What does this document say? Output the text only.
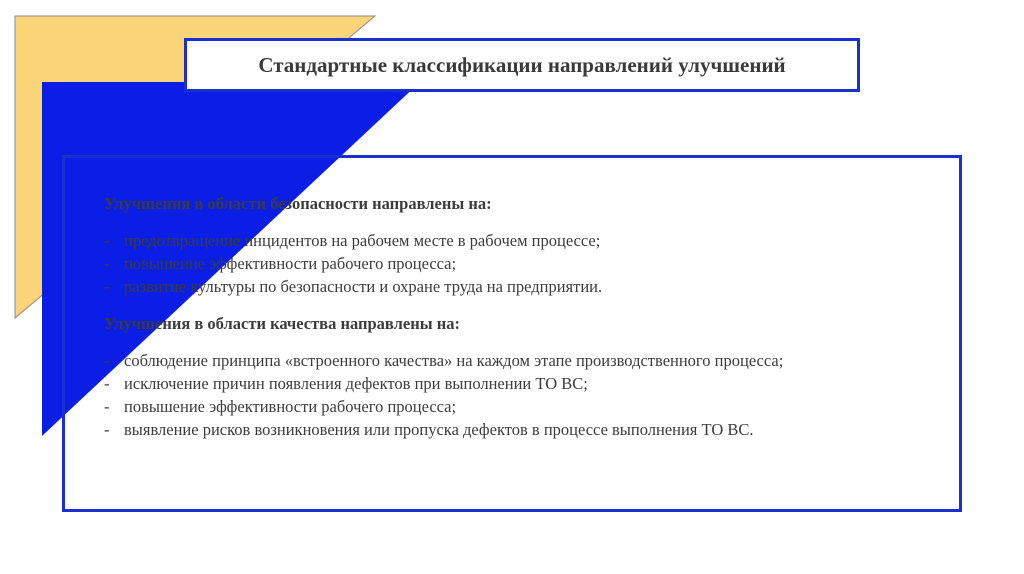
Стандартные классификации направлений улучшений
Улучшения в области безопасности направлены на:
- предотвращение инцидентов на рабочем месте в рабочем процессе;
- повышение эффективности рабочего процесса;
- развитие культуры по безопасности и охране труда на предприятии.
Улучшения в области качества направлены на:
- соблюдение принципа «встроенного качества» на каждом этапе производственного процесса;
- исключение причин появления дефектов при выполнении ТО ВС;
- повышение эффективности рабочего процесса;
- выявление рисков возникновения или пропуска дефектов в процессе выполнения ТО ВС.
